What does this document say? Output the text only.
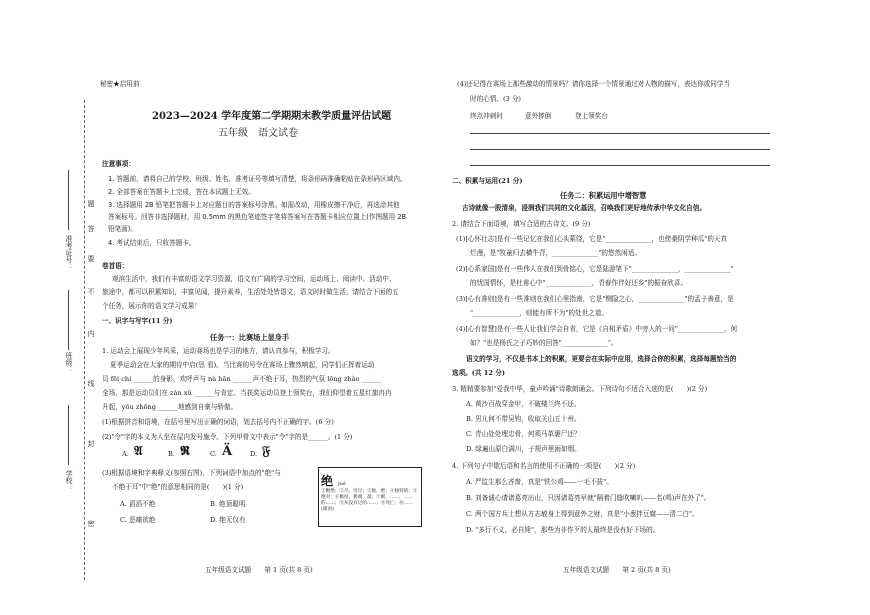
秘密★启用前
2023—2024 学年度第二学期期末教学质量评估试题
五年级　语文试卷
准考证号：
班级：
学校：
密
封
线
内
不
要
答
题
注意事项：
1. 答题前，请将自己的学校、班级、姓名、准考证号等填写清楚，将条形码准确粘贴在条形码区域内。
2. 全部答案在答题卡上完成，答在本试题上无效。
3. 选择题用 2B 铅笔把答题卡上对应题目的答案标号涂黑。如需改动，用橡皮擦干净后，再选涂其他
答案标号。回答非选择题时，用 0.5mm 的黑色笔迹签字笔将答案写在答题卡相应位置上(作图题用 2B
铅笔画)。
4. 考试结束后，只收答题卡。
卷首语：
观滨生活中，我们有丰富的语文学习资源，语文有广阔的学习空间，运动场上、阅读中、活动中、
旅途中，都可以积累知识，丰富见闻，提升素养，生活处处皆语文，语文时时做生活，请结合下面的五
个任务，展示你的语文学习成果！
一、识字与写字(11 分)
任务一：比赛场上显身手
1. 运动会上展现少年风采，运动赛场也是学习的地方，请认真参与，积极学习。
夏季运动会在大家的期待中启(恳 看)。当比赛的号令在赛场上骤然响起，同学们正挥着运动
员 fēi chí ______的身影，欢呼声与 nà hǎn ______声不绝于耳，热烈的气氛 lōng zhào ______
全场，那是运动员们在 zàn xǔ ______与肯定。当获奖运动员登上领奖台，我们仰望着五星红旗冉冉
升起，yōu zhōng ______地感到自豪与骄傲。
(1)根据拼音和语境，在括号里写出正确的词语，划去括号内不正确的字。(6 分)
(2)"令"字的本义为人坐在屋内发号施令。下列甲骨文中表示"令"字的是______。(1 分)
A. 𝔄	B. 𝕽	C. Ä	D. 𝔉
(3)根据语境和字典释义(参照右图)，下列词语中加点的"绝"与
不绝于耳"中"绝"的意思相同的是(　　)(1 分)
A. 滔滔不绝	B. 绝顶聪明
C. 恶痛欲绝	D. 绝无仅有
绝 jué
①断绝；②尽，穷尽；③极，绝；④独特的；⑤绝对；⑥极度，极端，最；⑦断，……，……的……；⑧从没有过的……；⑨死亡；⑩……(副词)
五年级语文试题　　第 1 页(共 8 页)
(4)还记得在赛场上那些激动的情景吗？请你选择一个情景通过对人物的描写，表达你或同学当
时的心情。(3 分)
终点冲刺时	意外摔倒	登上领奖台
二、积累与运用(21 分)
任务二：积累运用中增智慧
古诗就像一股清泉，浸润我们共同的文化基因，召唤我们更好地传承中华文化自信。
2. 请结合下面语境，填写合适的古诗文。(9 分)
(1)[心怀壮志]是有一些记忆在我们心头萦绕，它是"______________，也傍桑阴学种瓜"的天真
烂漫，是"牧童归去横牛背，______________"的悠然闲适。
(2)[心系家国]是有一些伟人在我们到骨铭心，它是陆游笔下"______________，______________"
的忧国情怀，是杜甫心中"______________，青春作伴好还乡"的振奋欣喜。
(3)[心有准则]是有一些准则在我们心里指南，它是"恻隐之心，______________"的孟子善意，是
"______________，则能有所不为"的处世之道。
(4)[心有智慧]是有一些人让我们学会自省，它是《自相矛盾》中旁人的一问"______________，何
如？"也是杨氏之子巧妙的回答"______________"。
语文的学习，不仅是书本上的积累，更要会在实际中应用，选择合你的积累，选择每题恰当的
选项。(共 12 分)
3. 精精要参加"爱我中华，童声吟诵"诗歌朗诵会。下列诗句不适合入选的是(　　)(2 分)
A. 黄沙百战穿金甲，不破楼兰终不还。
B. 男儿何不带吴钩，收取关山五十州。
C. 青山处处埋忠骨，何须马革裹尸还？
D. 绿遍山原白满川，子规声里雨如烟。
4. 下列句子中歇后语和名言的使用不正确的一项是(　　)(2 分)
A. 严监生那么吝啬，真是"铁公鸡——一毛不拔"。
B. 刘备诚心请诸葛亮出山，只因诸葛亮早就"隔着门缝吹喇叭——名(鸣)声在外了"。
C. 两个国方兵士想从方志敏身上得到意外之财，真是"小葱拌豆腐——清二白"。
D. "多行不义，必自毙"，那些为非作歹的人最终是没有好下场的。
五年级语文试题　　第 2 页(共 8 页)
